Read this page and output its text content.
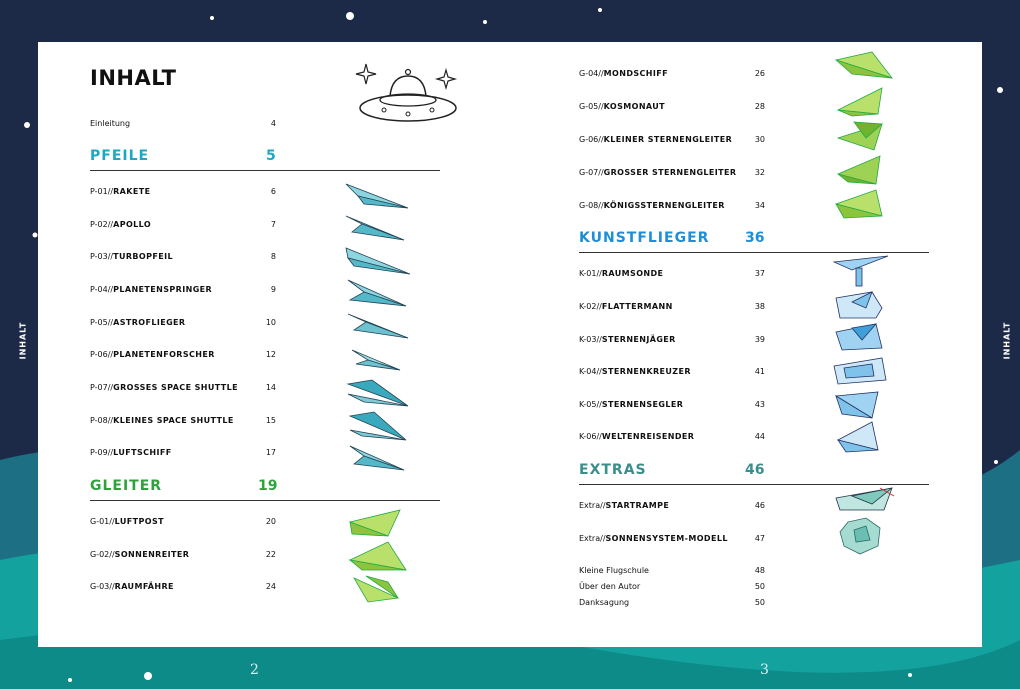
INHALT	INHALT
2	3
INHALT
Einleitung	4
PFEILE	5
P-01//RAKETE	6
P-02//APOLLO	7
P-03//TURBOPFEIL	8
P-04//PLANETENSPRINGER	9
P-05//ASTROFLIEGER	10
P-06//PLANETENFORSCHER	12
P-07//GROSSES SPACE SHUTTLE	14
P-08//KLEINES SPACE SHUTTLE	15
P-09//LUFTSCHIFF	17
GLEITER	19
G-01//LUFTPOST	20
G-02//SONNENREITER	22
G-03//RAUMFÄHRE	24
G-04//MONDSCHIFF	26
G-05//KOSMONAUT	28
G-06//KLEINER STERNENGLEITER	30
G-07//GROSSER STERNENGLEITER	32
G-08//KÖNIGSSTERNENGLEITER	34
KUNSTFLIEGER	36
K-01//RAUMSONDE	37
K-02//FLATTERMANN	38
K-03//STERNENJÄGER	39
K-04//STERNENKREUZER	41
K-05//STERNENSEGLER	43
K-06//WELTENREISENDER	44
EXTRAS	46
Extra//STARTRAMPE	46
Extra//SONNENSYSTEM-MODELL	47
Kleine Flugschule	48
Über den Autor	50
Danksagung	50
